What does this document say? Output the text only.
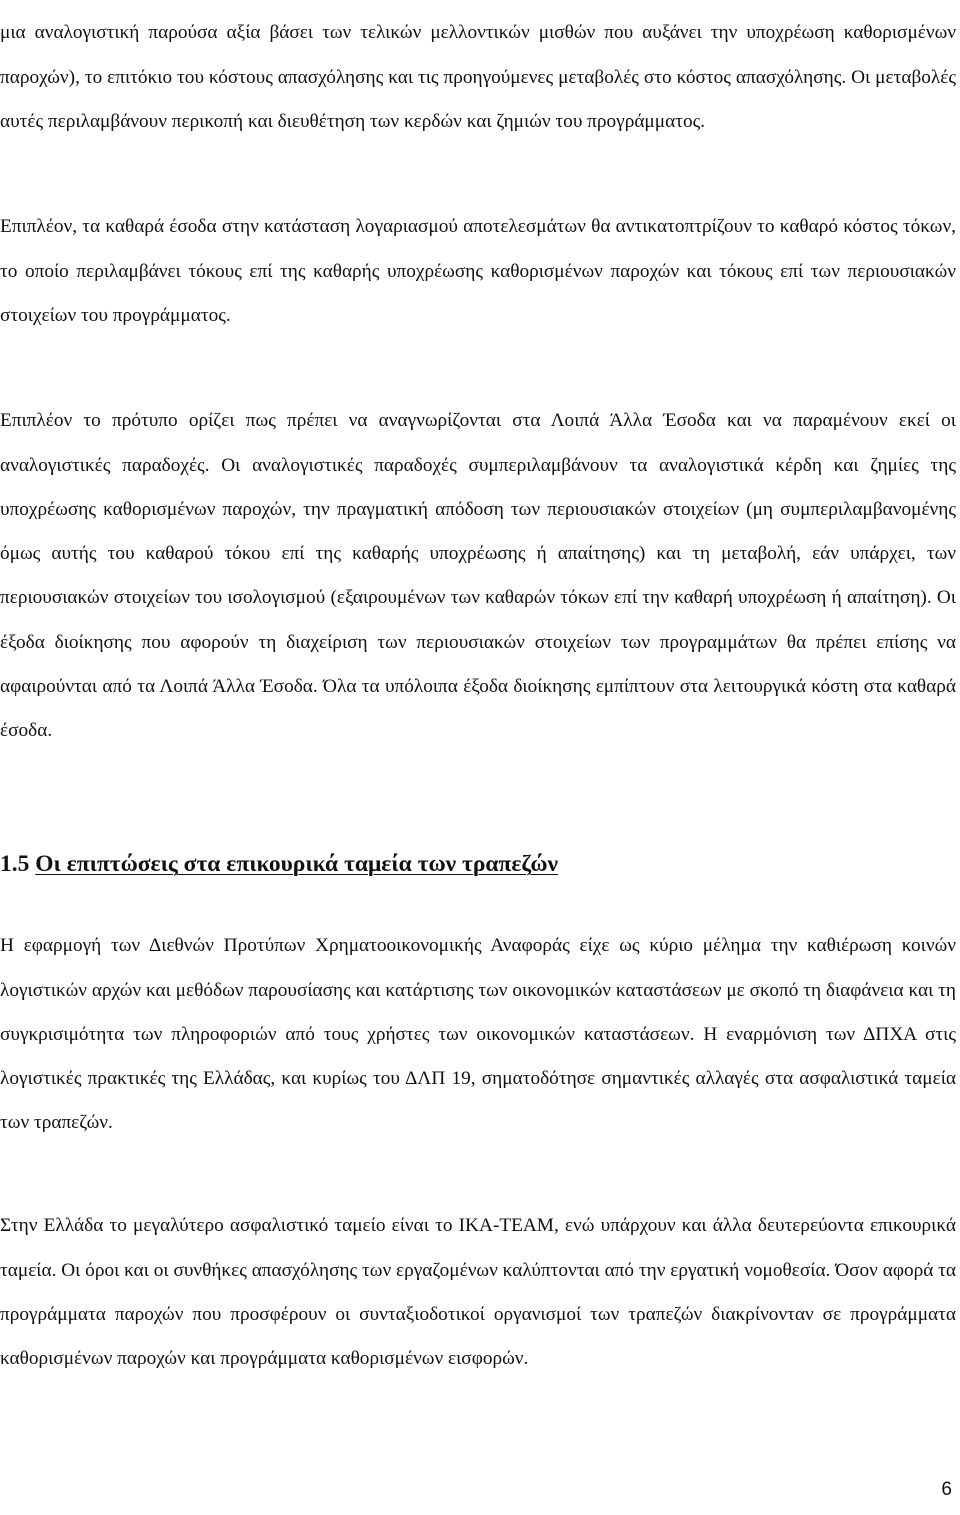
μια αναλογιστική παρούσα αξία βάσει των τελικών μελλοντικών μισθών που αυξάνει την υποχρέωση καθορισμένων παροχών), το επιτόκιο του κόστους απασχόλησης και τις προηγούμενες μεταβολές στο κόστος απασχόλησης. Οι μεταβολές αυτές περιλαμβάνουν περικοπή και διευθέτηση των κερδών και ζημιών του προγράμματος.

Επιπλέον, τα καθαρά έσοδα στην κατάσταση λογαριασμού αποτελεσμάτων θα αντικατοπτρίζουν το καθαρό κόστος τόκων, το οποίο περιλαμβάνει τόκους επί της καθαρής υποχρέωσης καθορισμένων παροχών και τόκους επί των περιουσιακών στοιχείων του προγράμματος.

Επιπλέον το πρότυπο ορίζει πως πρέπει να αναγνωρίζονται στα Λοιπά Άλλα Έσοδα και να παραμένουν εκεί οι αναλογιστικές παραδοχές. Οι αναλογιστικές παραδοχές συμπεριλαμβάνουν τα αναλογιστικά κέρδη και ζημίες της υποχρέωσης καθορισμένων παροχών, την πραγματική απόδοση των περιουσιακών στοιχείων (μη συμπεριλαμβανομένης όμως αυτής του καθαρού τόκου επί της καθαρής υποχρέωσης ή απαίτησης) και τη μεταβολή, εάν υπάρχει, των περιουσιακών στοιχείων του ισολογισμού (εξαιρουμένων των καθαρών τόκων επί την καθαρή υποχρέωση ή απαίτηση). Οι έξοδα διοίκησης που αφορούν τη διαχείριση των περιουσιακών στοιχείων των προγραμμάτων θα πρέπει επίσης να αφαιρούνται από τα Λοιπά Άλλα Έσοδα. Όλα τα υπόλοιπα έξοδα διοίκησης εμπίπτουν στα λειτουργικά κόστη στα καθαρά έσοδα.

1.5 Οι επιπτώσεις στα επικουρικά ταμεία των τραπεζών

Η εφαρμογή των Διεθνών Προτύπων Χρηματοοικονομικής Αναφοράς είχε ως κύριο μέλημα την καθιέρωση κοινών λογιστικών αρχών και μεθόδων παρουσίασης και κατάρτισης των οικονομικών καταστάσεων με σκοπό τη διαφάνεια και τη συγκρισιμότητα των πληροφοριών από τους χρήστες των οικονομικών καταστάσεων. Η εναρμόνιση των ΔΠΧΑ στις λογιστικές πρακτικές της Ελλάδας, και κυρίως του ΔΛΠ 19, σηματοδότησε σημαντικές αλλαγές στα ασφαλιστικά ταμεία των τραπεζών.

Στην Ελλάδα το μεγαλύτερο ασφαλιστικό ταμείο είναι το ΙΚΑ-ΤΕΑΜ, ενώ υπάρχουν και άλλα δευτερεύοντα επικουρικά ταμεία. Οι όροι και οι συνθήκες απασχόλησης των εργαζομένων καλύπτονται από την εργατική νομοθεσία. Όσον αφορά τα προγράμματα παροχών που προσφέρουν οι συνταξιοδοτικοί οργανισμοί των τραπεζών διακρίνονταν σε προγράμματα καθορισμένων παροχών και προγράμματα καθορισμένων εισφορών.

6
